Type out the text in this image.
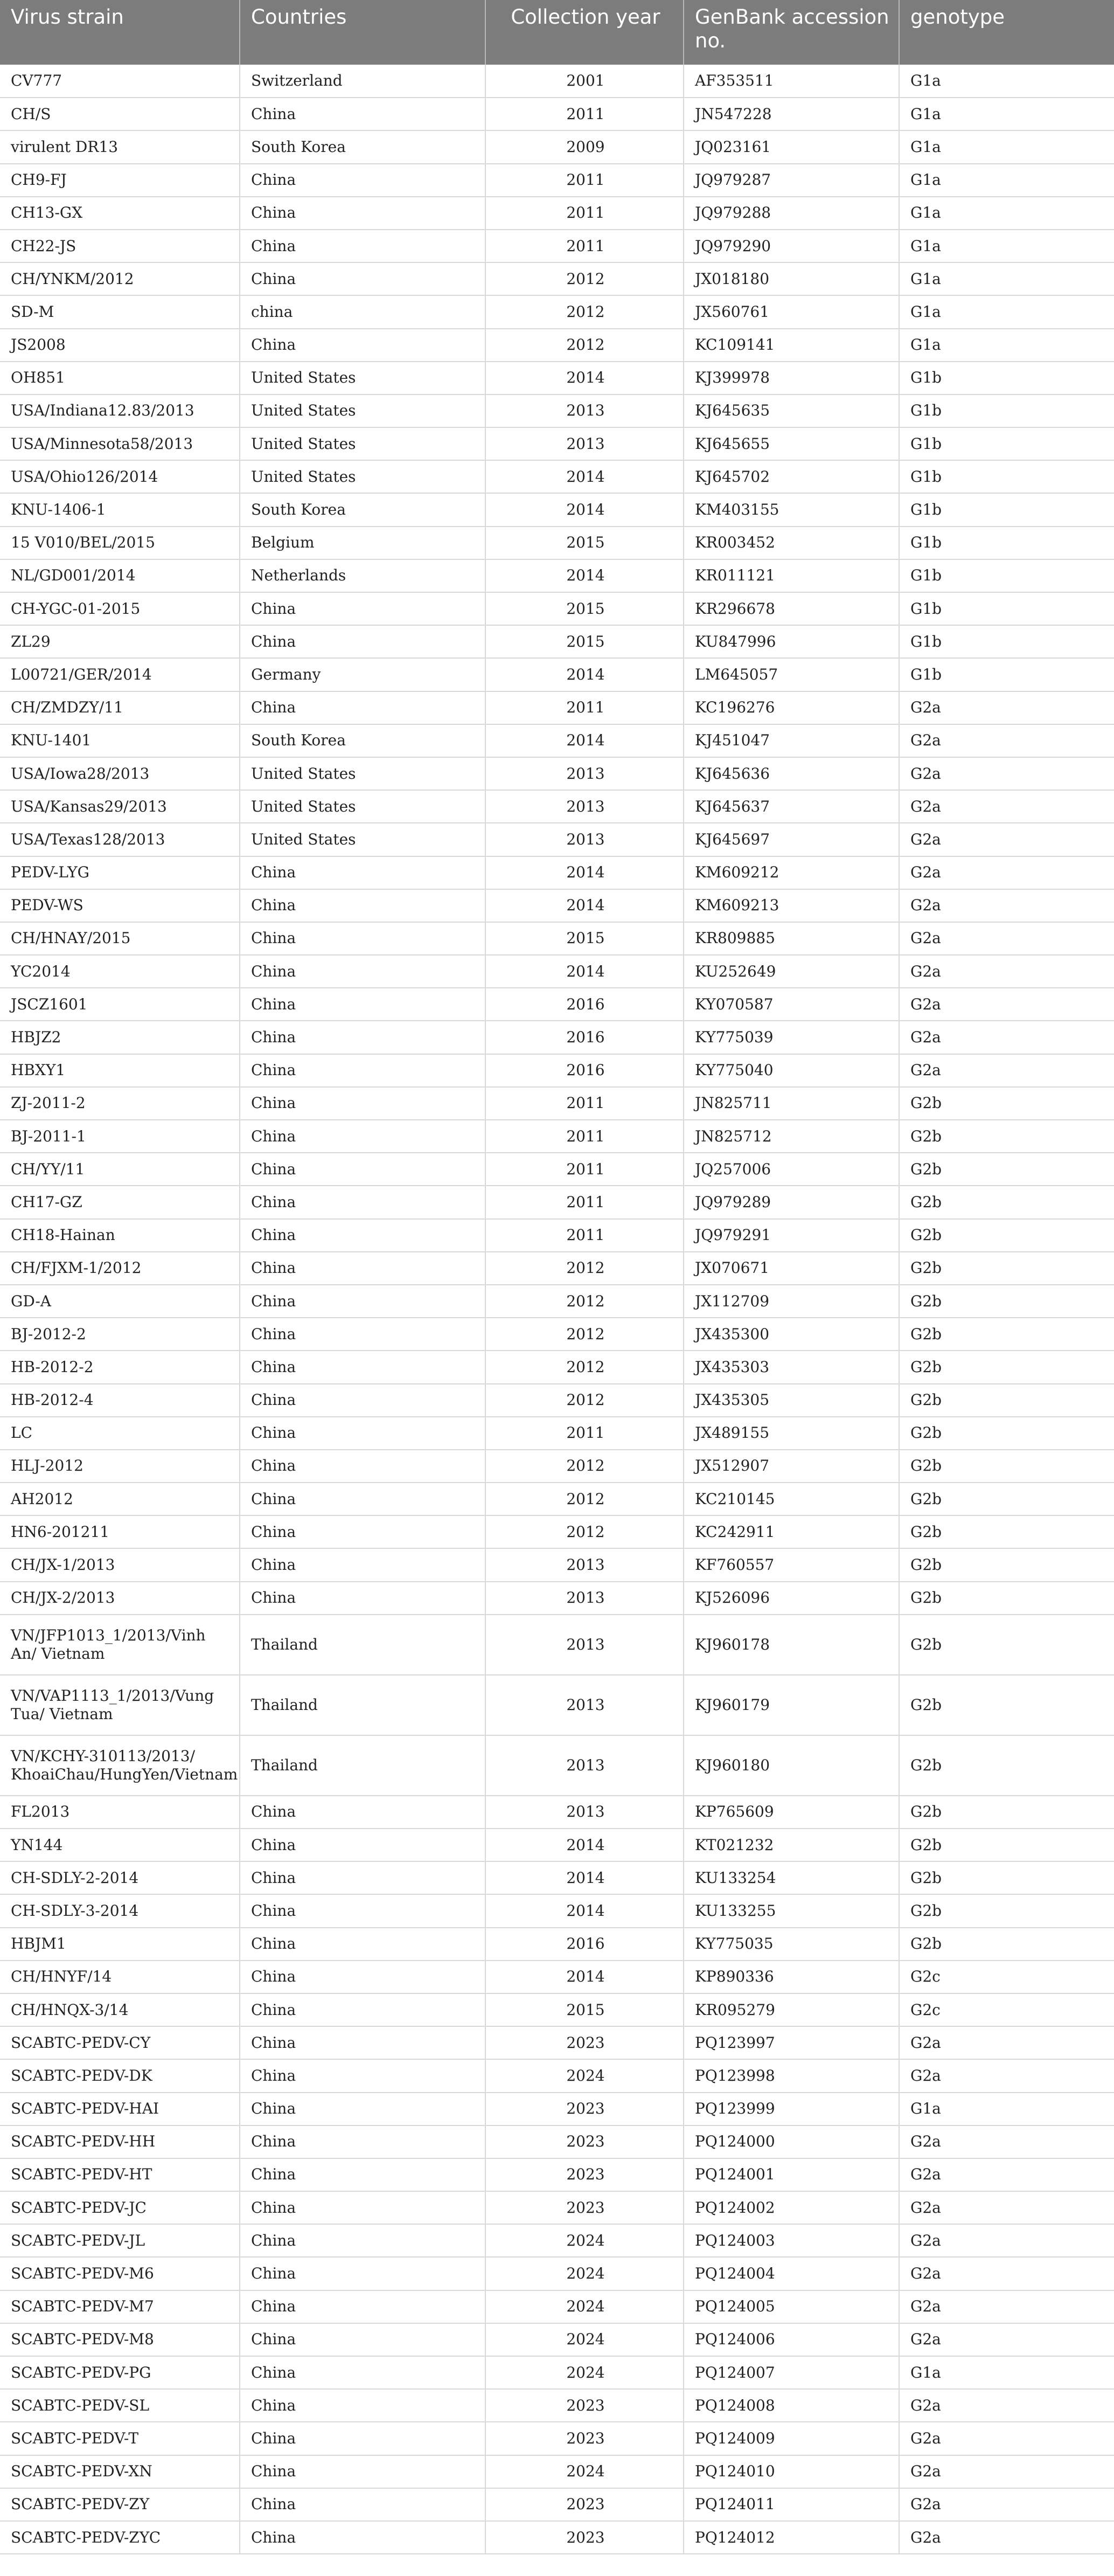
Virus strain	Countries	Collection year	GenBank accession no.	genotype
CV777	Switzerland	2001	AF353511	G1a
CH/S	China	2011	JN547228	G1a
virulent DR13	South Korea	2009	JQ023161	G1a
CH9-FJ	China	2011	JQ979287	G1a
CH13-GX	China	2011	JQ979288	G1a
CH22-JS	China	2011	JQ979290	G1a
CH/YNKM/2012	China	2012	JX018180	G1a
SD-M	china	2012	JX560761	G1a
JS2008	China	2012	KC109141	G1a
OH851	United States	2014	KJ399978	G1b
USA/Indiana12.83/2013	United States	2013	KJ645635	G1b
USA/Minnesota58/2013	United States	2013	KJ645655	G1b
USA/Ohio126/2014	United States	2014	KJ645702	G1b
KNU-1406-1	South Korea	2014	KM403155	G1b
15 V010/BEL/2015	Belgium	2015	KR003452	G1b
NL/GD001/2014	Netherlands	2014	KR011121	G1b
CH-YGC-01-2015	China	2015	KR296678	G1b
ZL29	China	2015	KU847996	G1b
L00721/GER/2014	Germany	2014	LM645057	G1b
CH/ZMDZY/11	China	2011	KC196276	G2a
KNU-1401	South Korea	2014	KJ451047	G2a
USA/Iowa28/2013	United States	2013	KJ645636	G2a
USA/Kansas29/2013	United States	2013	KJ645637	G2a
USA/Texas128/2013	United States	2013	KJ645697	G2a
PEDV-LYG	China	2014	KM609212	G2a
PEDV-WS	China	2014	KM609213	G2a
CH/HNAY/2015	China	2015	KR809885	G2a
YC2014	China	2014	KU252649	G2a
JSCZ1601	China	2016	KY070587	G2a
HBJZ2	China	2016	KY775039	G2a
HBXY1	China	2016	KY775040	G2a
ZJ-2011-2	China	2011	JN825711	G2b
BJ-2011-1	China	2011	JN825712	G2b
CH/YY/11	China	2011	JQ257006	G2b
CH17-GZ	China	2011	JQ979289	G2b
CH18-Hainan	China	2011	JQ979291	G2b
CH/FJXM-1/2012	China	2012	JX070671	G2b
GD-A	China	2012	JX112709	G2b
BJ-2012-2	China	2012	JX435300	G2b
HB-2012-2	China	2012	JX435303	G2b
HB-2012-4	China	2012	JX435305	G2b
LC	China	2011	JX489155	G2b
HLJ-2012	China	2012	JX512907	G2b
AH2012	China	2012	KC210145	G2b
HN6-201211	China	2012	KC242911	G2b
CH/JX-1/2013	China	2013	KF760557	G2b
CH/JX-2/2013	China	2013	KJ526096	G2b
VN/JFP1013_1/2013/Vinh An/ Vietnam	Thailand	2013	KJ960178	G2b
VN/VAP1113_1/2013/Vung Tua/ Vietnam	Thailand	2013	KJ960179	G2b
VN/KCHY-310113/2013/ KhoaiChau/HungYen/Vietnam	Thailand	2013	KJ960180	G2b
FL2013	China	2013	KP765609	G2b
YN144	China	2014	KT021232	G2b
CH-SDLY-2-2014	China	2014	KU133254	G2b
CH-SDLY-3-2014	China	2014	KU133255	G2b
HBJM1	China	2016	KY775035	G2b
CH/HNYF/14	China	2014	KP890336	G2c
CH/HNQX-3/14	China	2015	KR095279	G2c
SCABTC-PEDV-CY	China	2023	PQ123997	G2a
SCABTC-PEDV-DK	China	2024	PQ123998	G2a
SCABTC-PEDV-HAI	China	2023	PQ123999	G1a
SCABTC-PEDV-HH	China	2023	PQ124000	G2a
SCABTC-PEDV-HT	China	2023	PQ124001	G2a
SCABTC-PEDV-JC	China	2023	PQ124002	G2a
SCABTC-PEDV-JL	China	2024	PQ124003	G2a
SCABTC-PEDV-M6	China	2024	PQ124004	G2a
SCABTC-PEDV-M7	China	2024	PQ124005	G2a
SCABTC-PEDV-M8	China	2024	PQ124006	G2a
SCABTC-PEDV-PG	China	2024	PQ124007	G1a
SCABTC-PEDV-SL	China	2023	PQ124008	G2a
SCABTC-PEDV-T	China	2023	PQ124009	G2a
SCABTC-PEDV-XN	China	2024	PQ124010	G2a
SCABTC-PEDV-ZY	China	2023	PQ124011	G2a
SCABTC-PEDV-ZYC	China	2023	PQ124012	G2a
